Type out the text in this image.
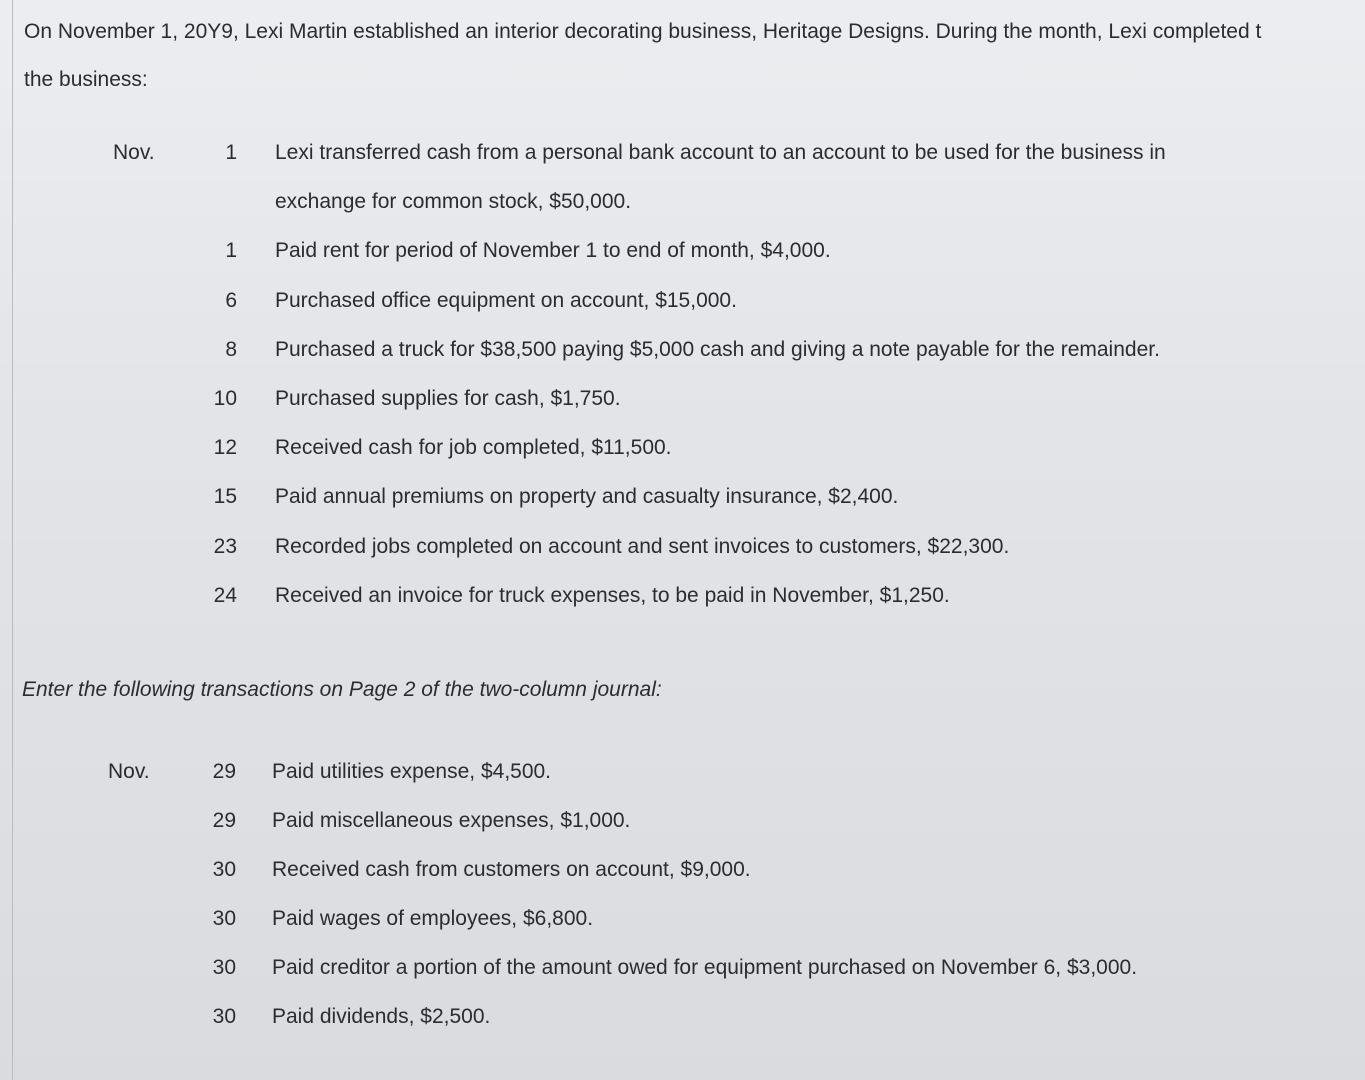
On November 1, 20Y9, Lexi Martin established an interior decorating business, Heritage Designs. During the month, Lexi completed t
the business:
Nov.	1 Lexi transferred cash from a personal bank account to an account to be used for the business in
exchange for common stock, $50,000.
1 Paid rent for period of November 1 to end of month, $4,000.
6 Purchased office equipment on account, $15,000.
8 Purchased a truck for $38,500 paying $5,000 cash and giving a note payable for the remainder.
10 Purchased supplies for cash, $1,750.
12 Received cash for job completed, $11,500.
15 Paid annual premiums on property and casualty insurance, $2,400.
23 Recorded jobs completed on account and sent invoices to customers, $22,300.
24 Received an invoice for truck expenses, to be paid in November, $1,250.
Enter the following transactions on Page 2 of the two-column journal:
Nov.	29 Paid utilities expense, $4,500.
29 Paid miscellaneous expenses, $1,000.
30 Received cash from customers on account, $9,000.
30 Paid wages of employees, $6,800.
30 Paid creditor a portion of the amount owed for equipment purchased on November 6, $3,000.
30 Paid dividends, $2,500.
